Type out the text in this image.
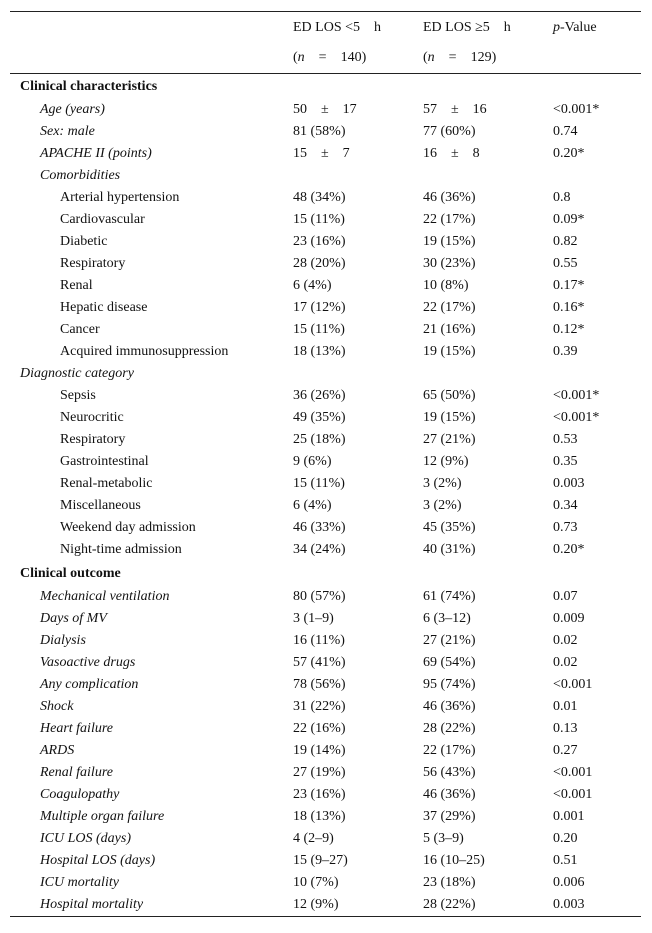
	ED LOS <5 h	ED LOS ≥5 h	p-Value
	(n = 140)	(n = 129)	
Clinical characteristics			
Age (years)	50 ± 17	57 ± 16	<0.001*
Sex: male	81 (58%)	77 (60%)	0.74
APACHE II (points)	15 ± 7	16 ± 8	0.20*
Comorbidities			
Arterial hypertension	48 (34%)	46 (36%)	0.8
Cardiovascular	15 (11%)	22 (17%)	0.09*
Diabetic	23 (16%)	19 (15%)	0.82
Respiratory	28 (20%)	30 (23%)	0.55
Renal	6 (4%)	10 (8%)	0.17*
Hepatic disease	17 (12%)	22 (17%)	0.16*
Cancer	15 (11%)	21 (16%)	0.12*
Acquired immunosuppression	18 (13%)	19 (15%)	0.39
Diagnostic category			
Sepsis	36 (26%)	65 (50%)	<0.001*
Neurocritic	49 (35%)	19 (15%)	<0.001*
Respiratory	25 (18%)	27 (21%)	0.53
Gastrointestinal	9 (6%)	12 (9%)	0.35
Renal-metabolic	15 (11%)	3 (2%)	0.003
Miscellaneous	6 (4%)	3 (2%)	0.34
Weekend day admission	46 (33%)	45 (35%)	0.73
Night-time admission	34 (24%)	40 (31%)	0.20*
Clinical outcome			
Mechanical ventilation	80 (57%)	61 (74%)	0.07
Days of MV	3 (1–9)	6 (3–12)	0.009
Dialysis	16 (11%)	27 (21%)	0.02
Vasoactive drugs	57 (41%)	69 (54%)	0.02
Any complication	78 (56%)	95 (74%)	<0.001
Shock	31 (22%)	46 (36%)	0.01
Heart failure	22 (16%)	28 (22%)	0.13
ARDS	19 (14%)	22 (17%)	0.27
Renal failure	27 (19%)	56 (43%)	<0.001
Coagulopathy	23 (16%)	46 (36%)	<0.001
Multiple organ failure	18 (13%)	37 (29%)	0.001
ICU LOS (days)	4 (2–9)	5 (3–9)	0.20
Hospital LOS (days)	15 (9–27)	16 (10–25)	0.51
ICU mortality	10 (7%)	23 (18%)	0.006
Hospital mortality	12 (9%)	28 (22%)	0.003
